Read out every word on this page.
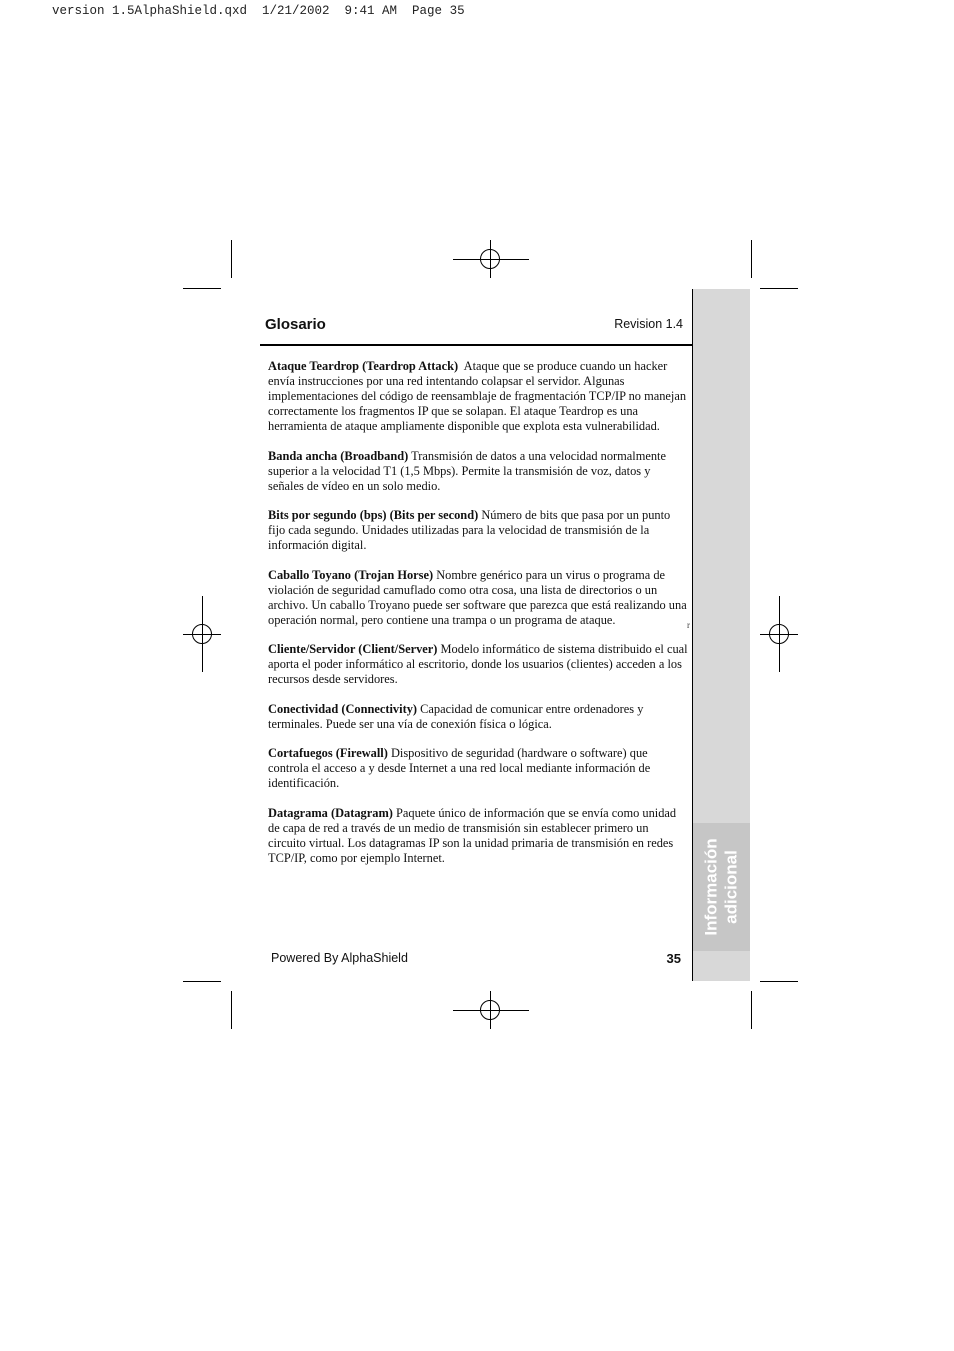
version 1.5AlphaShield.qxd  1/21/2002  9:41 AM  Page 35
Información adicional
Glosario	Revision 1.4

Ataque Teardrop (Teardrop Attack) Ataque que se produce cuando un hacker envía instrucciones por una red intentando colapsar el servidor. Algunas implementaciones del código de reensamblaje de fragmentación TCP/IP no manejan correctamente los fragmentos IP que se solapan. El ataque Teardrop es una herramienta de ataque ampliamente disponible que explota esta vulnerabilidad.

Banda ancha (Broadband) Transmisión de datos a una velocidad normalmente superior a la velocidad T1 (1,5 Mbps). Permite la transmisión de voz, datos y señales de vídeo en un solo medio.

Bits por segundo (bps) (Bits per second) Número de bits que pasa por un punto fijo cada segundo. Unidades utilizadas para la velocidad de transmisión de la información digital.

Caballo Toyano (Trojan Horse) Nombre genérico para un virus o programa de violación de seguridad camuflado como otra cosa, una lista de directorios o un archivo. Un caballo Troyano puede ser software que parezca que está realizando una operación normal, pero contiene una trampa o un programa de ataque.

Cliente/Servidor (Client/Server) Modelo informático de sistema distribuido el cual aporta el poder informático al escritorio, donde los usuarios (clientes) acceden a los recursos desde servidores.

Conectividad (Connectivity) Capacidad de comunicar entre ordenadores y terminales. Puede ser una vía de conexión física o lógica.

Cortafuegos (Firewall) Dispositivo de seguridad (hardware o software) que controla el acceso a y desde Internet a una red local mediante información de identificación.

Datagrama (Datagram) Paquete único de información que se envía como unidad de capa de red a través de un medio de transmisión sin establecer primero un circuito virtual. Los datagramas IP son la unidad primaria de transmisión en redes TCP/IP, como por ejemplo Internet.

r
Powered By AlphaShield	35
